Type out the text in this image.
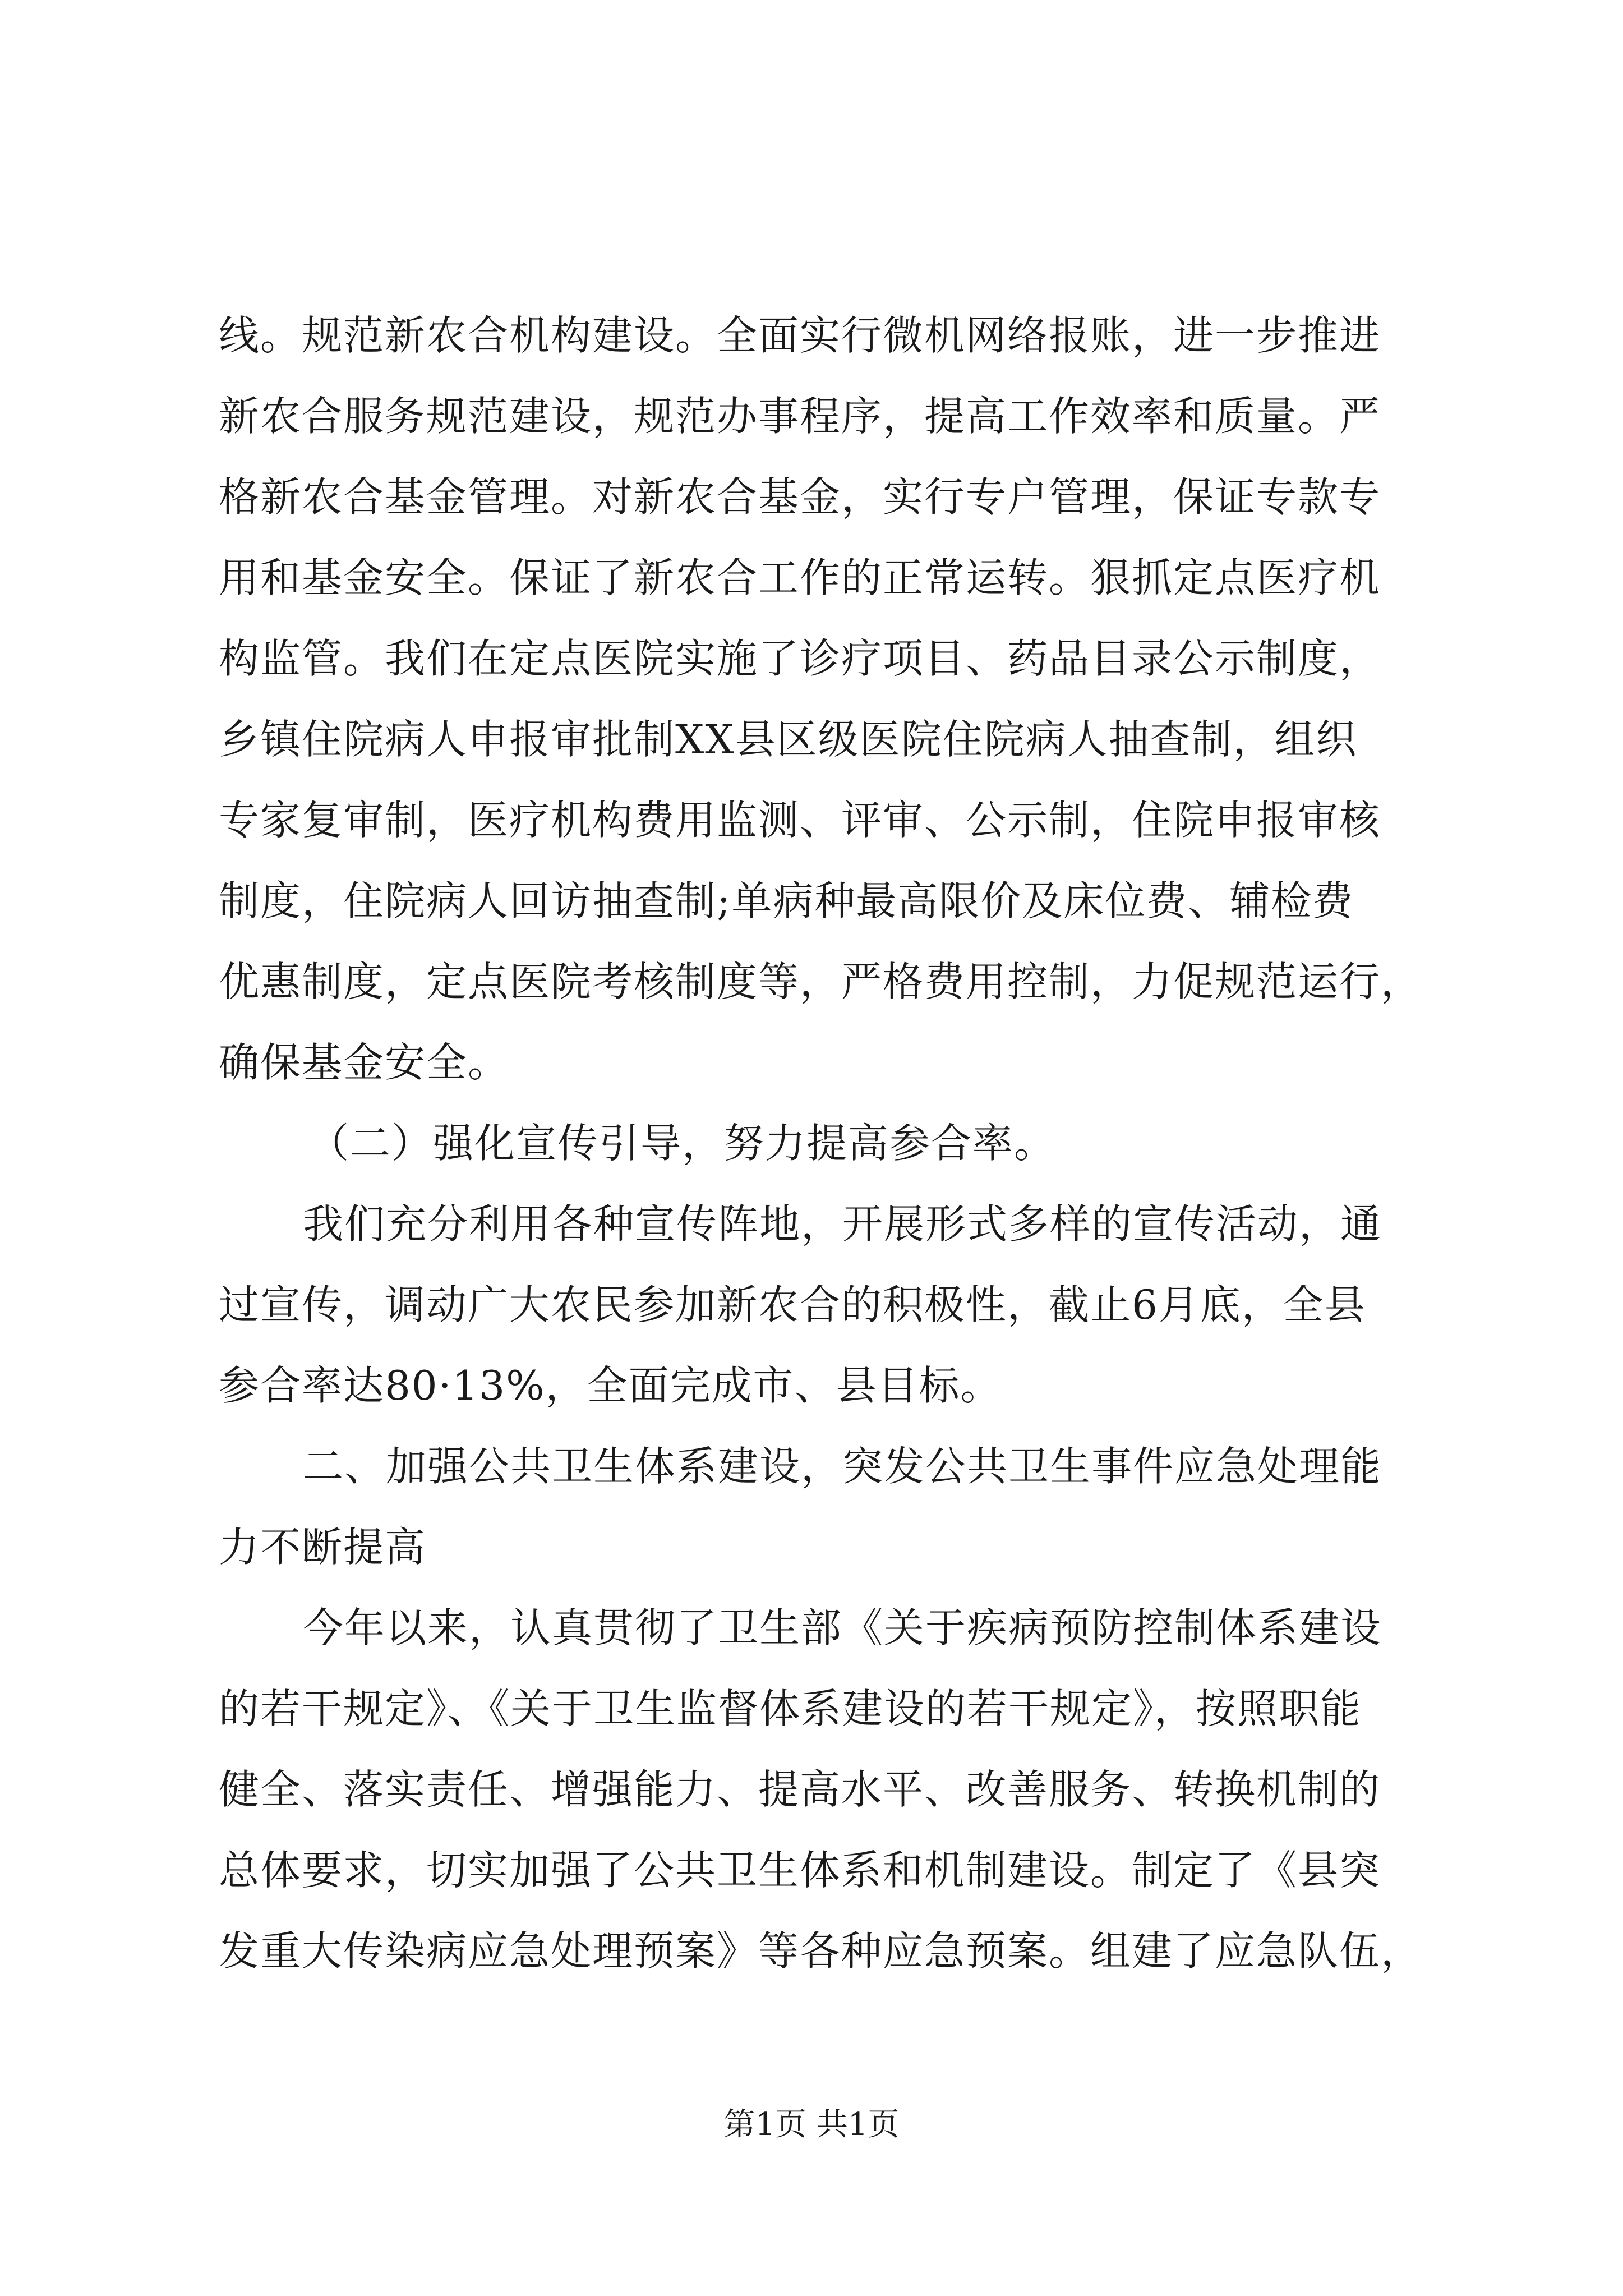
线。规范新农合机构建设。全面实行微机网络报账，进一步推进
新农合服务规范建设，规范办事程序，提高工作效率和质量。严
格新农合基金管理。对新农合基金，实行专户管理，保证专款专
用和基金安全。保证了新农合工作的正常运转。狠抓定点医疗机
构监管。我们在定点医院实施了诊疗项目、药品目录公示制度，
乡镇住院病人申报审批制XX县区级医院住院病人抽查制，组织
专家复审制，医疗机构费用监测、评审、公示制，住院申报审核
制度，住院病人回访抽查制;单病种最高限价及床位费、辅检费
优惠制度，定点医院考核制度等，严格费用控制，力促规范运行，
确保基金安全。
（二）强化宣传引导，努力提高参合率。
我们充分利用各种宣传阵地，开展形式多样的宣传活动，通
过宣传，调动广大农民参加新农合的积极性，截止6月底，全县
参合率达80·13%，全面完成市、县目标。
二、加强公共卫生体系建设，突发公共卫生事件应急处理能
力不断提高
今年以来，认真贯彻了卫生部《关于疾病预防控制体系建设
的若干规定》、《关于卫生监督体系建设的若干规定》，按照职能
健全、落实责任、增强能力、提高水平、改善服务、转换机制的
总体要求，切实加强了公共卫生体系和机制建设。制定了《县突
发重大传染病应急处理预案》等各种应急预案。组建了应急队伍，
第1页 共1页
